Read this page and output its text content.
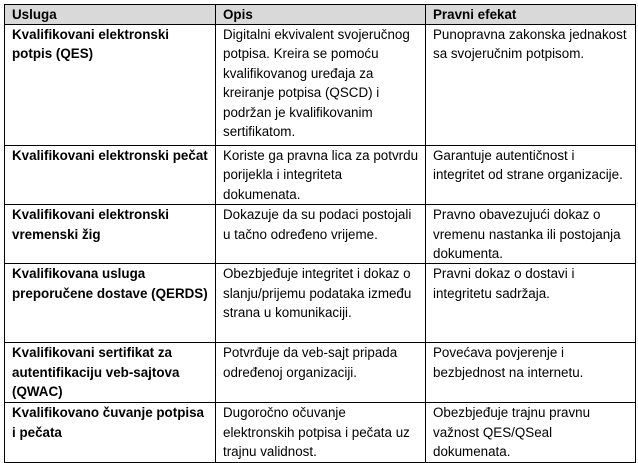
Usluga	Opis	Pravni efekat
Kvalifikovani elektronski potpis (QES)	Digitalni ekvivalent svojeručnog potpisa. Kreira se pomoću kvalifikovanog uređaja za kreiranje potpisa (QSCD) i podržan je kvalifikovanim sertifikatom.	Punopravna zakonska jednakost sa svojeručnim potpisom.
Kvalifikovani elektronski pečat	Koriste ga pravna lica za potvrdu porijekla i integriteta dokumenata.	Garantuje autentičnost i integritet od strane organizacije.
Kvalifikovani elektronski vremenski žig	Dokazuje da su podaci postojali u tačno određeno vrijeme.	Pravno obavezujući dokaz o vremenu nastanka ili postojanja dokumenta.
Kvalifikovana usluga preporučene dostave (QERDS)	Obezbjeđuje integritet i dokaz o slanju/prijemu podataka između strana u komunikaciji.	Pravni dokaz o dostavi i integritetu sadržaja.
Kvalifikovani sertifikat za autentifikaciju veb-sajtova (QWAC)	Potvrđuje da veb-sajt pripada određenoj organizaciji.	Povećava povjerenje i bezbjednost na internetu.
Kvalifikovano čuvanje potpisa i pečata	Dugoročno očuvanje elektronskih potpisa i pečata uz trajnu validnost.	Obezbjeđuje trajnu pravnu važnost QES/QSeal dokumenata.
